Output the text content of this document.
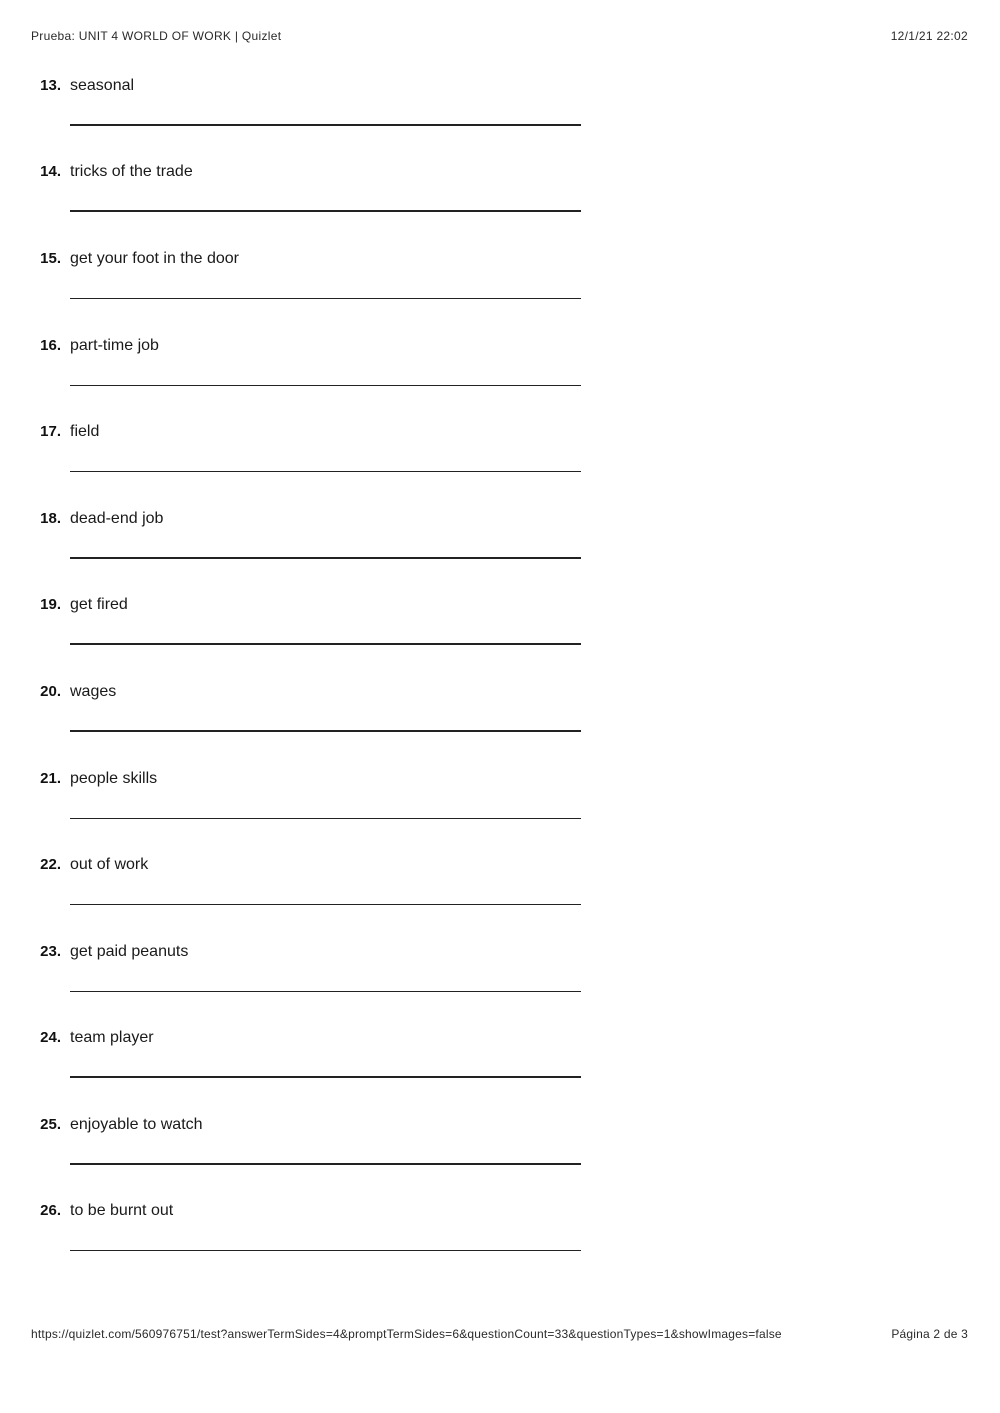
Prueba: UNIT 4 WORLD OF WORK | Quizlet	12/1/21 22:02
13. seasonal
14. tricks of the trade
15. get your foot in the door
16. part-time job
17. field
18. dead-end job
19. get fired
20. wages
21. people skills
22. out of work
23. get paid peanuts
24. team player
25. enjoyable to watch
26. to be burnt out
https://quizlet.com/560976751/test?answerTermSides=4&promptTermSides=6&questionCount=33&questionTypes=1&showImages=false	Página 2 de 3
